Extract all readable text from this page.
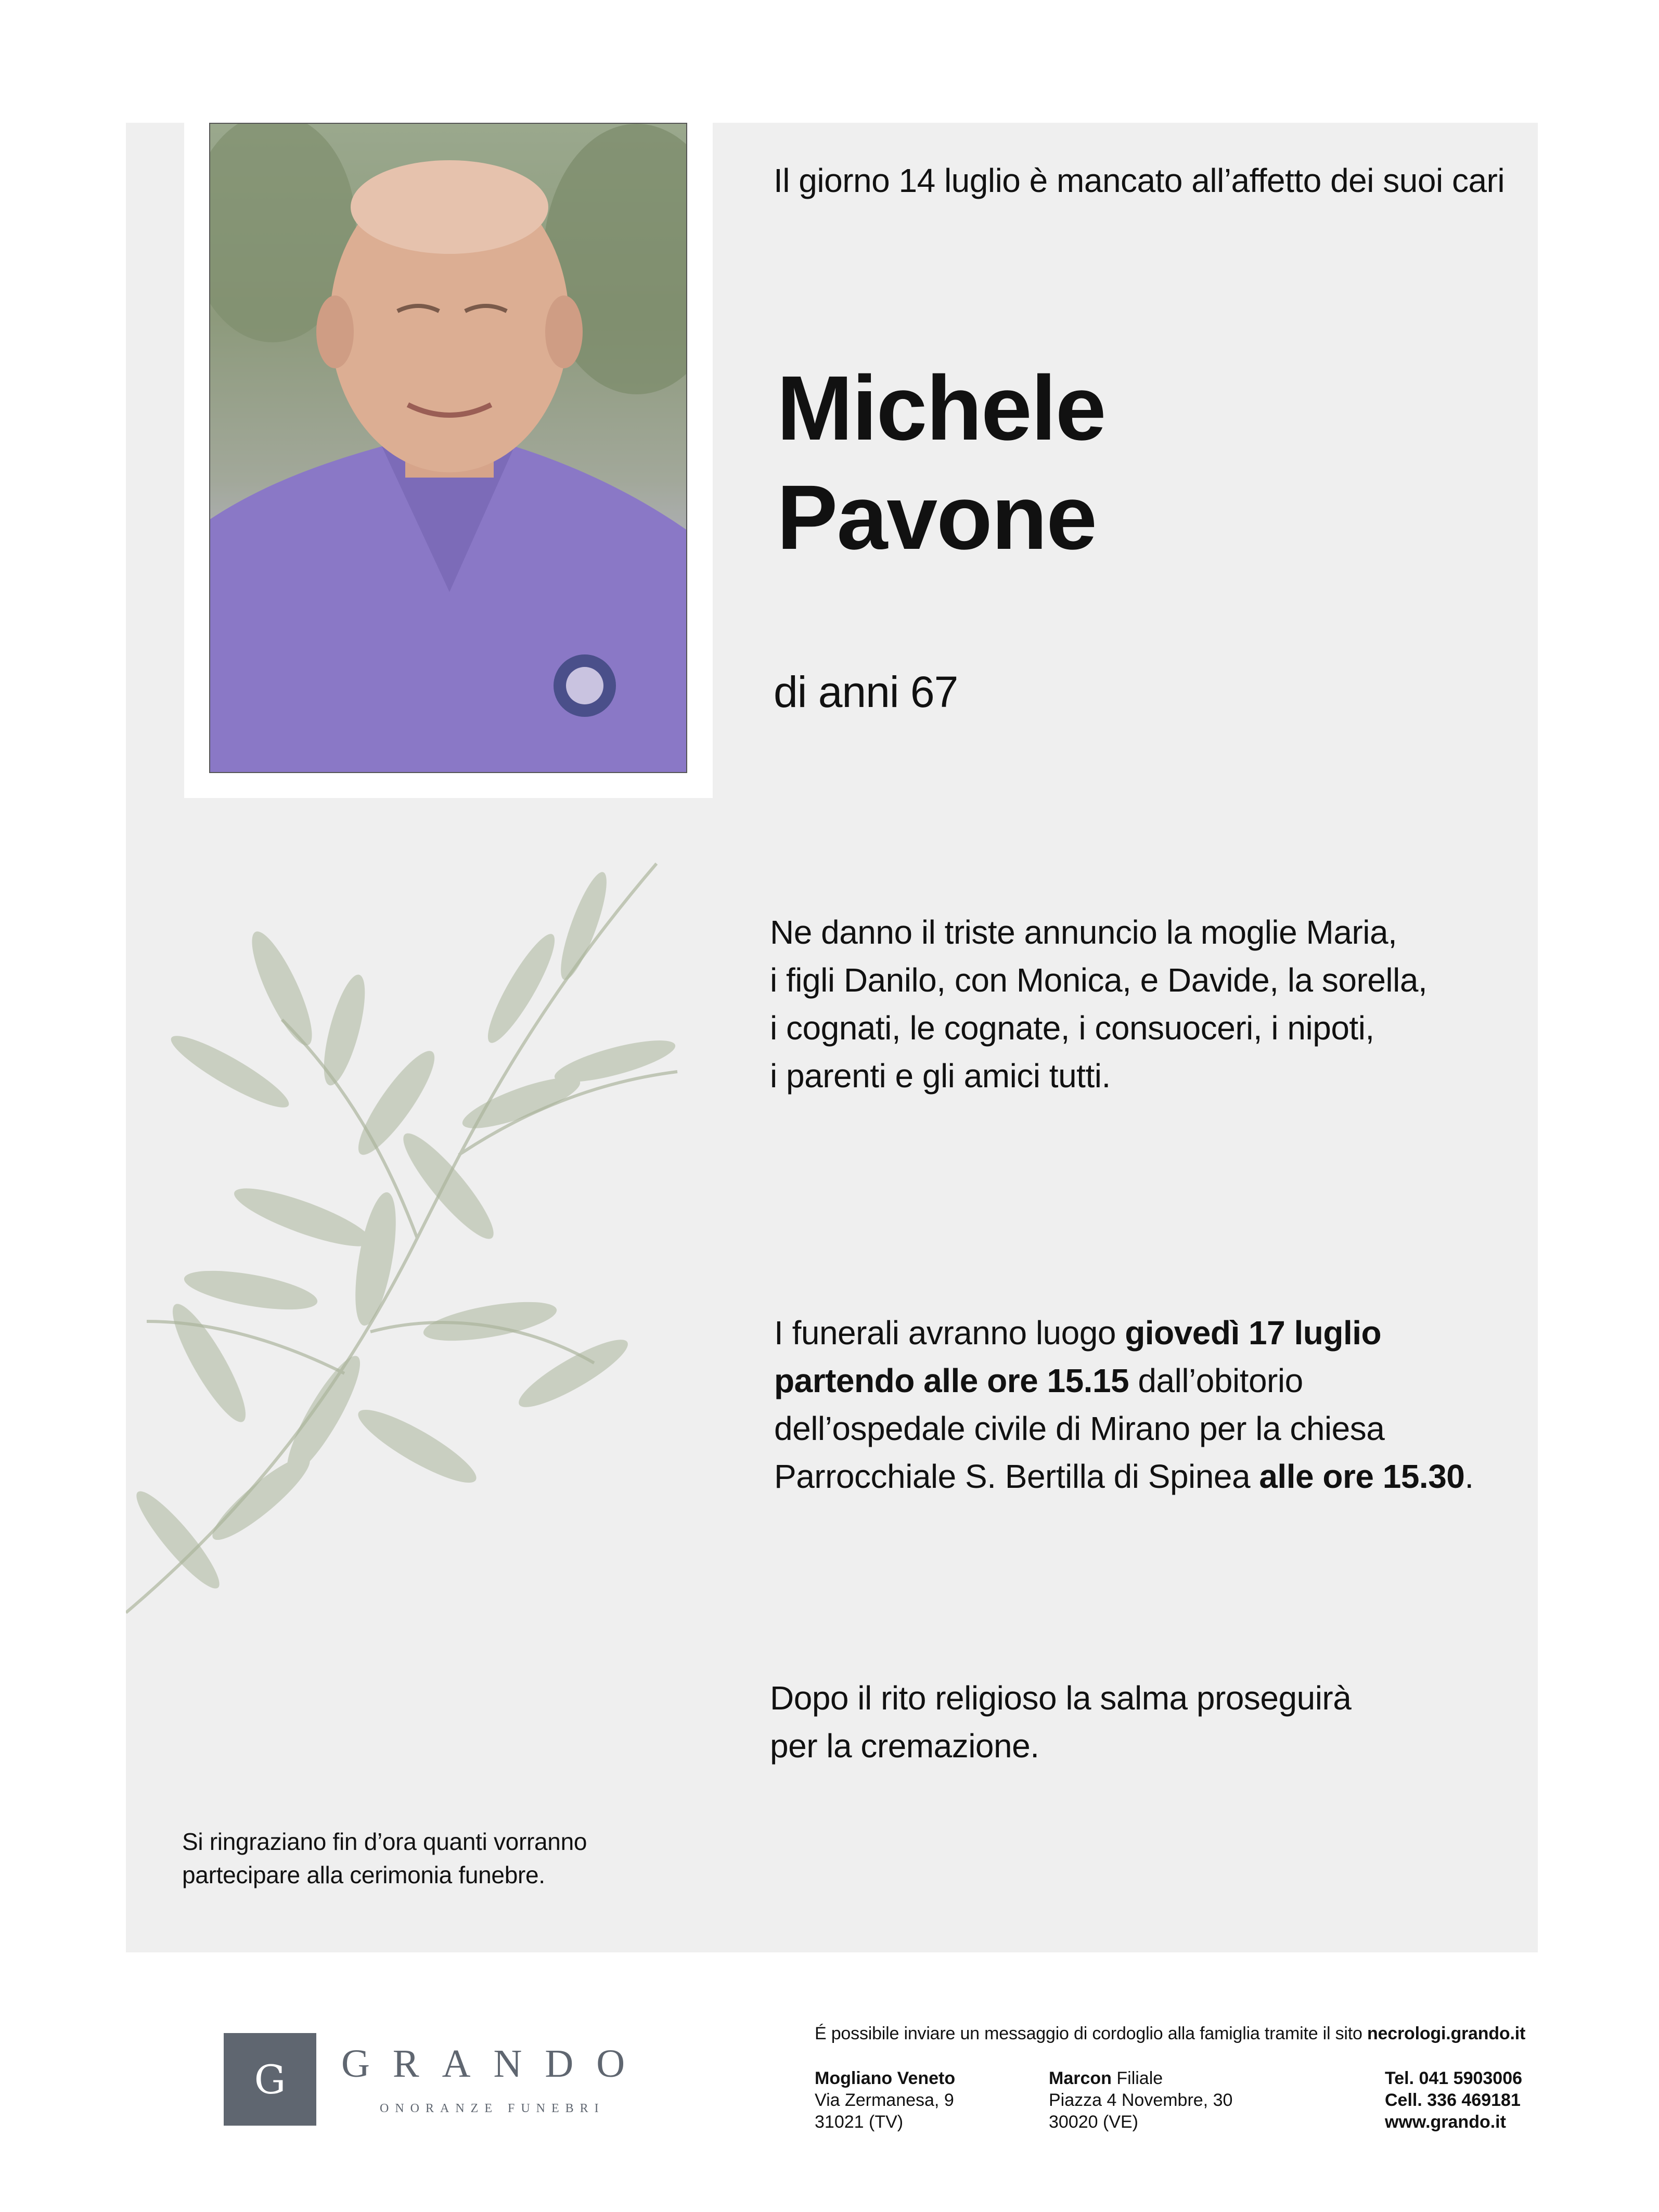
Il giorno 14 luglio è mancato all’affetto dei suoi cari

Michele
Pavone

di anni 67

Ne danno il triste annuncio la moglie Maria,
i figli Danilo, con Monica, e Davide, la sorella,
i cognati, le cognate, i consuoceri, i nipoti,
i parenti e gli amici tutti.
I funerali avranno luogo giovedì 17 luglio
partendo alle ore 15.15 dall’obitorio
dell’ospedale civile di Mirano per la chiesa
Parrocchiale S. Bertilla di Spinea alle ore 15.30.
Dopo il rito religioso la salma proseguirà
per la cremazione.
Si ringraziano fin d’ora quanti vorranno
partecipare alla cerimonia funebre.
G GRANDO
ONORANZE FUNEBRI

É possibile inviare un messaggio di cordoglio alla famiglia tramite il sito necrologi.grando.it

Mogliano Veneto
Via Zermanesa, 9
31021 (TV)
Marcon Filiale
Piazza 4 Novembre, 30
30020 (VE)
Tel. 041 5903006
Cell. 336 469181
www.grando.it
